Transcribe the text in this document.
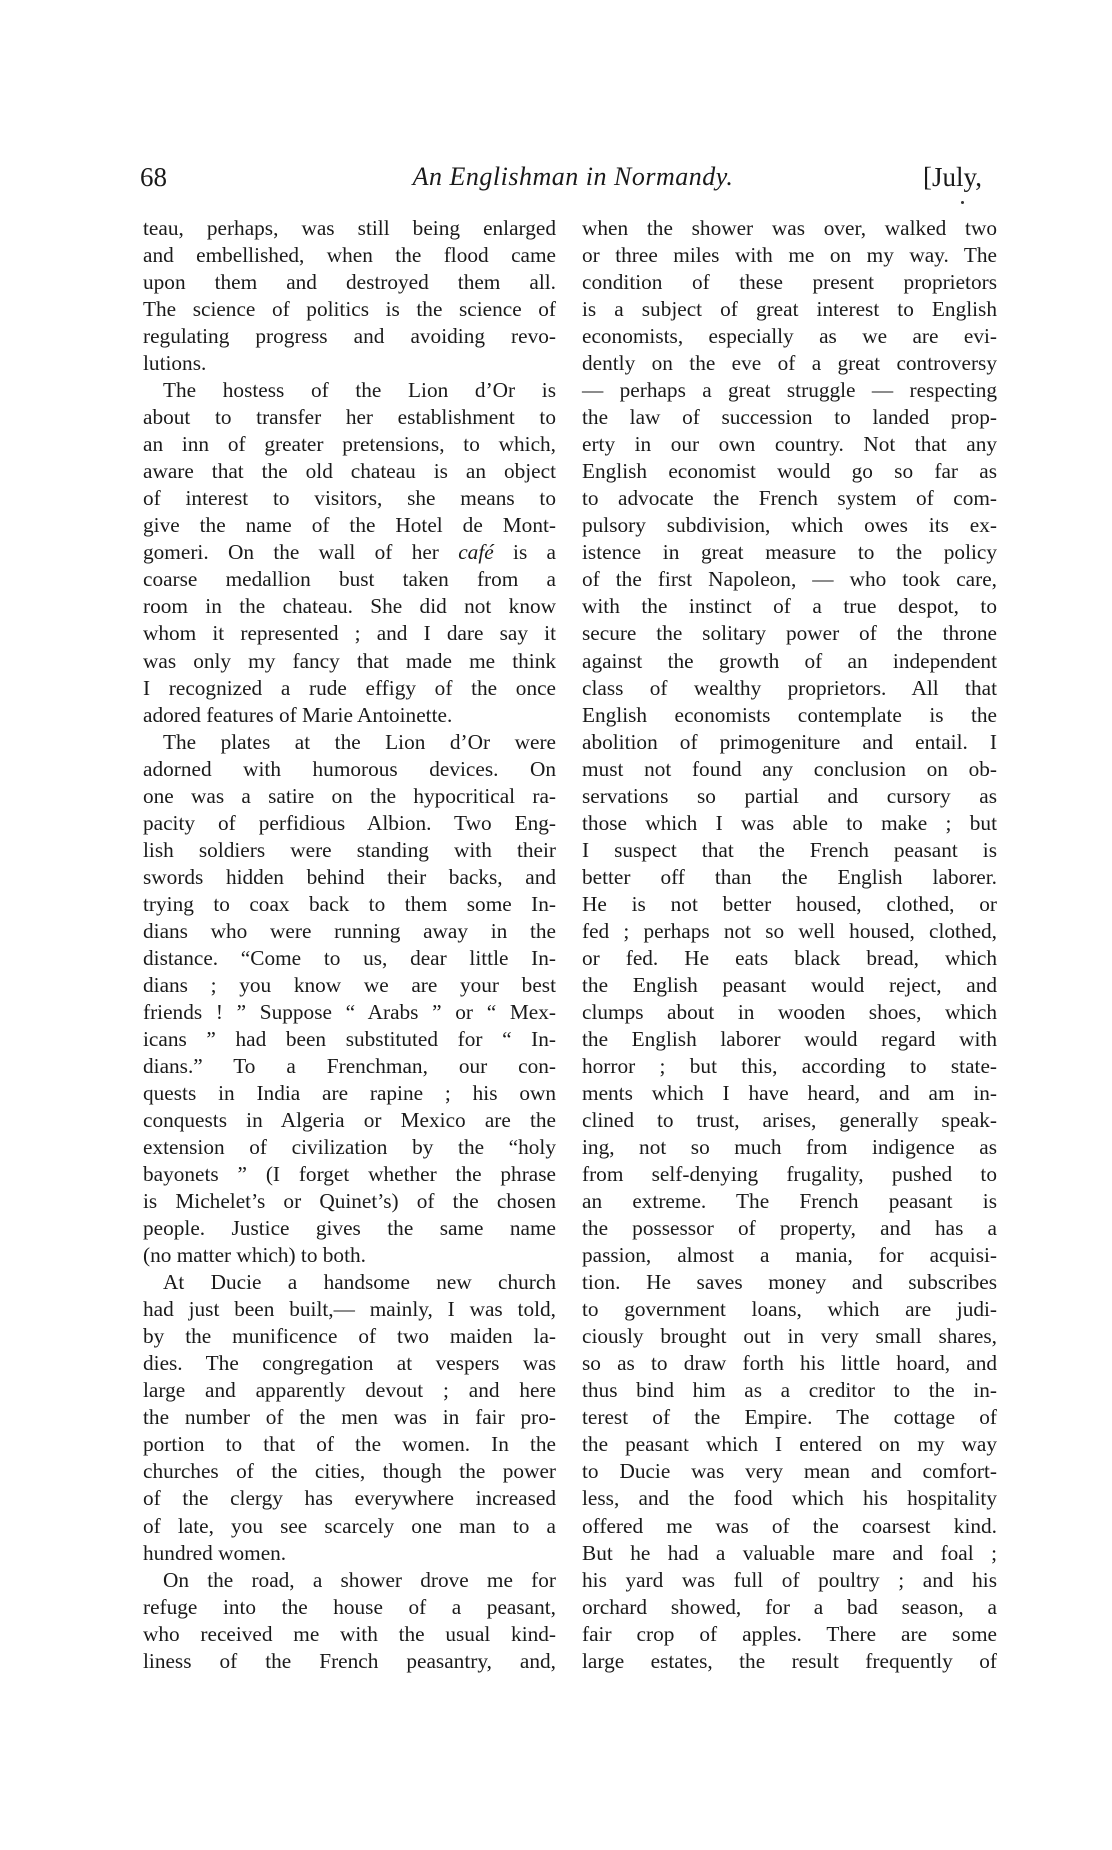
68	An Englishman in Normandy.	[July,
teau, perhaps, was still being enlarged
and embellished, when the flood came
upon them and destroyed them all.
The science of politics is the science of
regulating progress and avoiding revo-
lutions.
The hostess of the Lion d’Or is
about to transfer her establishment to
an inn of greater pretensions, to which,
aware that the old chateau is an object
of interest to visitors, she means to
give the name of the Hotel de Mont-
gomeri. On the wall of her café is a
coarse medallion bust taken from a
room in the chateau. She did not know
whom it represented ; and I dare say it
was only my fancy that made me think
I recognized a rude effigy of the once
adored features of Marie Antoinette.
The plates at the Lion d’Or were
adorned with humorous devices. On
one was a satire on the hypocritical ra-
pacity of perfidious Albion. Two Eng-
lish soldiers were standing with their
swords hidden behind their backs, and
trying to coax back to them some In-
dians who were running away in the
distance. “Come to us, dear little In-
dians ; you know we are your best
friends ! ” Suppose “ Arabs ” or “ Mex-
icans ” had been substituted for “ In-
dians.” To a Frenchman, our con-
quests in India are rapine ; his own
conquests in Algeria or Mexico are the
extension of civilization by the “holy
bayonets ” (I forget whether the phrase
is Michelet’s or Quinet’s) of the chosen
people. Justice gives the same name
(no matter which) to both.
At Ducie a handsome new church
had just been built,— mainly, I was told,
by the munificence of two maiden la-
dies. The congregation at vespers was
large and apparently devout ; and here
the number of the men was in fair pro-
portion to that of the women. In the
churches of the cities, though the power
of the clergy has everywhere increased
of late, you see scarcely one man to a
hundred women.
On the road, a shower drove me for
refuge into the house of a peasant,
who received me with the usual kind-
liness of the French peasantry, and,
when the shower was over, walked two
or three miles with me on my way. The
condition of these present proprietors
is a subject of great interest to English
economists, especially as we are evi-
dently on the eve of a great controversy
— perhaps a great struggle — respecting
the law of succession to landed prop-
erty in our own country. Not that any
English economist would go so far as
to advocate the French system of com-
pulsory subdivision, which owes its ex-
istence in great measure to the policy
of the first Napoleon, — who took care,
with the instinct of a true despot, to
secure the solitary power of the throne
against the growth of an independent
class of wealthy proprietors. All that
English economists contemplate is the
abolition of primogeniture and entail. I
must not found any conclusion on ob-
servations so partial and cursory as
those which I was able to make ; but
I suspect that the French peasant is
better off than the English laborer.
He is not better housed, clothed, or
fed ; perhaps not so well housed, clothed,
or fed. He eats black bread, which
the English peasant would reject, and
clumps about in wooden shoes, which
the English laborer would regard with
horror ; but this, according to state-
ments which I have heard, and am in-
clined to trust, arises, generally speak-
ing, not so much from indigence as
from self-denying frugality, pushed to
an extreme. The French peasant is
the possessor of property, and has a
passion, almost a mania, for acquisi-
tion. He saves money and subscribes
to government loans, which are judi-
ciously brought out in very small shares,
so as to draw forth his little hoard, and
thus bind him as a creditor to the in-
terest of the Empire. The cottage of
the peasant which I entered on my way
to Ducie was very mean and comfort-
less, and the food which his hospitality
offered me was of the coarsest kind.
But he had a valuable mare and foal ;
his yard was full of poultry ; and his
orchard showed, for a bad season, a
fair crop of apples. There are some
large estates, the result frequently of
